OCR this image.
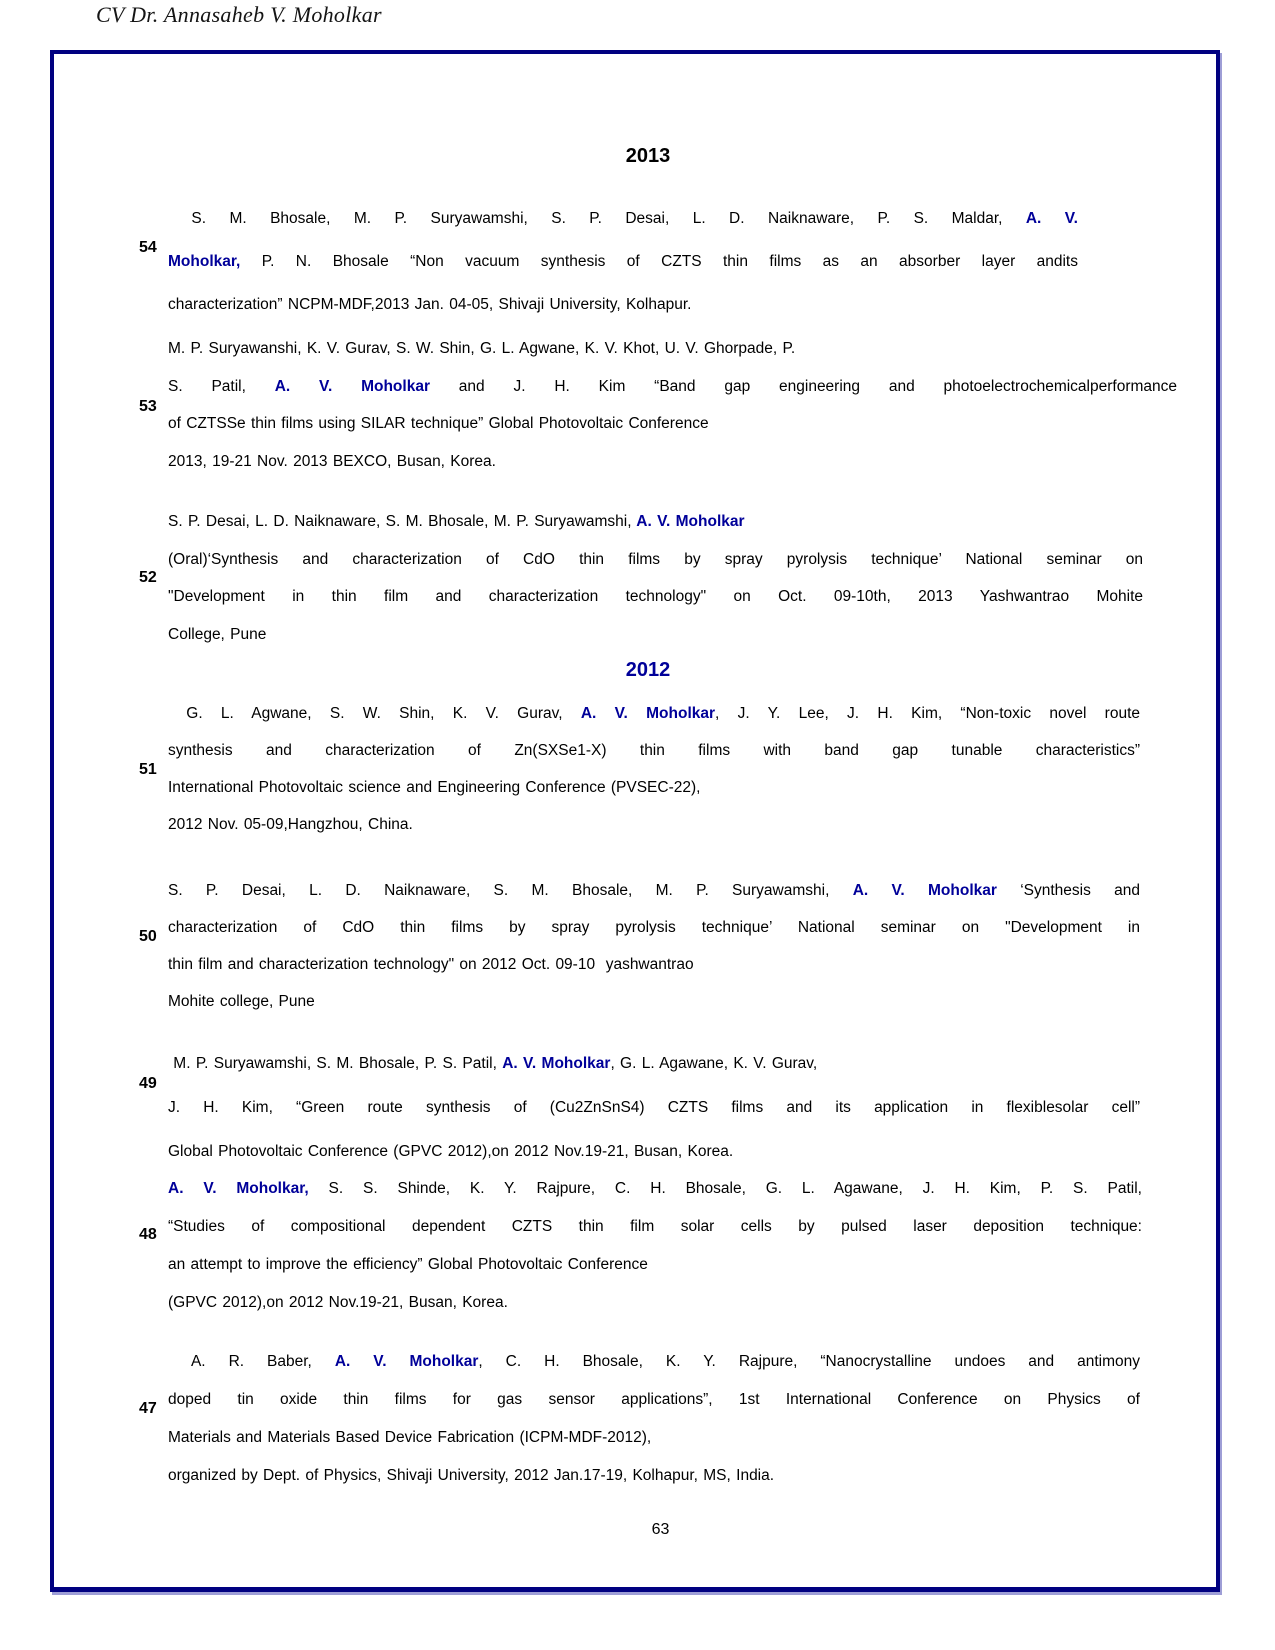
CV Dr. Annasaheb V. Moholkar
2013
54
S. M. Bhosale, M. P. Suryawamshi, S. P. Desai, L. D. Naiknaware, P. S. Maldar, A. V.
Moholkar, P. N. Bhosale “Non vacuum synthesis of CZTS thin films as an absorber layer andits
characterization” NCPM-MDF,2013 Jan. 04-05, Shivaji University, Kolhapur.
53
M. P. Suryawanshi, K. V. Gurav, S. W. Shin, G. L. Agwane, K. V. Khot, U. V. Ghorpade, P.
S. Patil, A. V. Moholkar and J. H. Kim “Band gap engineering and photoelectrochemicalperformance
of CZTSSe thin films using SILAR technique” Global Photovoltaic Conference
2013, 19-21 Nov. 2013 BEXCO, Busan, Korea.
52
S. P. Desai, L. D. Naiknaware, S. M. Bhosale, M. P. Suryawamshi, A. V. Moholkar
(Oral)‘Synthesis and characterization of CdO thin films by spray pyrolysis technique’ National seminar on
"Development in thin film and characterization technology" on Oct. 09-10th, 2013 Yashwantrao Mohite
College, Pune
2012
51
G. L. Agwane, S. W. Shin, K. V. Gurav, A. V. Moholkar, J. Y. Lee, J. H. Kim, “Non-toxic novel route
synthesis and characterization of Zn(SXSe1-X) thin films with band gap tunable characteristics”
International Photovoltaic science and Engineering Conference (PVSEC-22),
2012 Nov. 05-09,Hangzhou, China.
50
S. P. Desai, L. D. Naiknaware, S. M. Bhosale, M. P. Suryawamshi, A. V. Moholkar ‘Synthesis and
characterization of CdO thin films by spray pyrolysis technique’ National seminar on "Development in
thin film and characterization technology" on 2012 Oct. 09-10  yashwantrao
Mohite college, Pune
49
M. P. Suryawamshi, S. M. Bhosale, P. S. Patil, A. V. Moholkar, G. L. Agawane, K. V. Gurav,
J. H. Kim, “Green route synthesis of (Cu2ZnSnS4) CZTS films and its application in flexiblesolar cell”
Global Photovoltaic Conference (GPVC 2012),on 2012 Nov.19-21, Busan, Korea.
48
A. V. Moholkar, S. S. Shinde, K. Y. Rajpure, C. H. Bhosale, G. L. Agawane, J. H. Kim, P. S. Patil,
“Studies of compositional dependent CZTS thin film solar cells by pulsed laser deposition technique:
an attempt to improve the efficiency” Global Photovoltaic Conference
(GPVC 2012),on 2012 Nov.19-21, Busan, Korea.
47
A. R. Baber, A. V. Moholkar, C. H. Bhosale, K. Y. Rajpure, “Nanocrystalline undoes and antimony
doped tin oxide thin films for gas sensor applications”, 1st International Conference on Physics of
Materials and Materials Based Device Fabrication (ICPM-MDF-2012),
organized by Dept. of Physics, Shivaji University, 2012 Jan.17-19, Kolhapur, MS, India.
63
